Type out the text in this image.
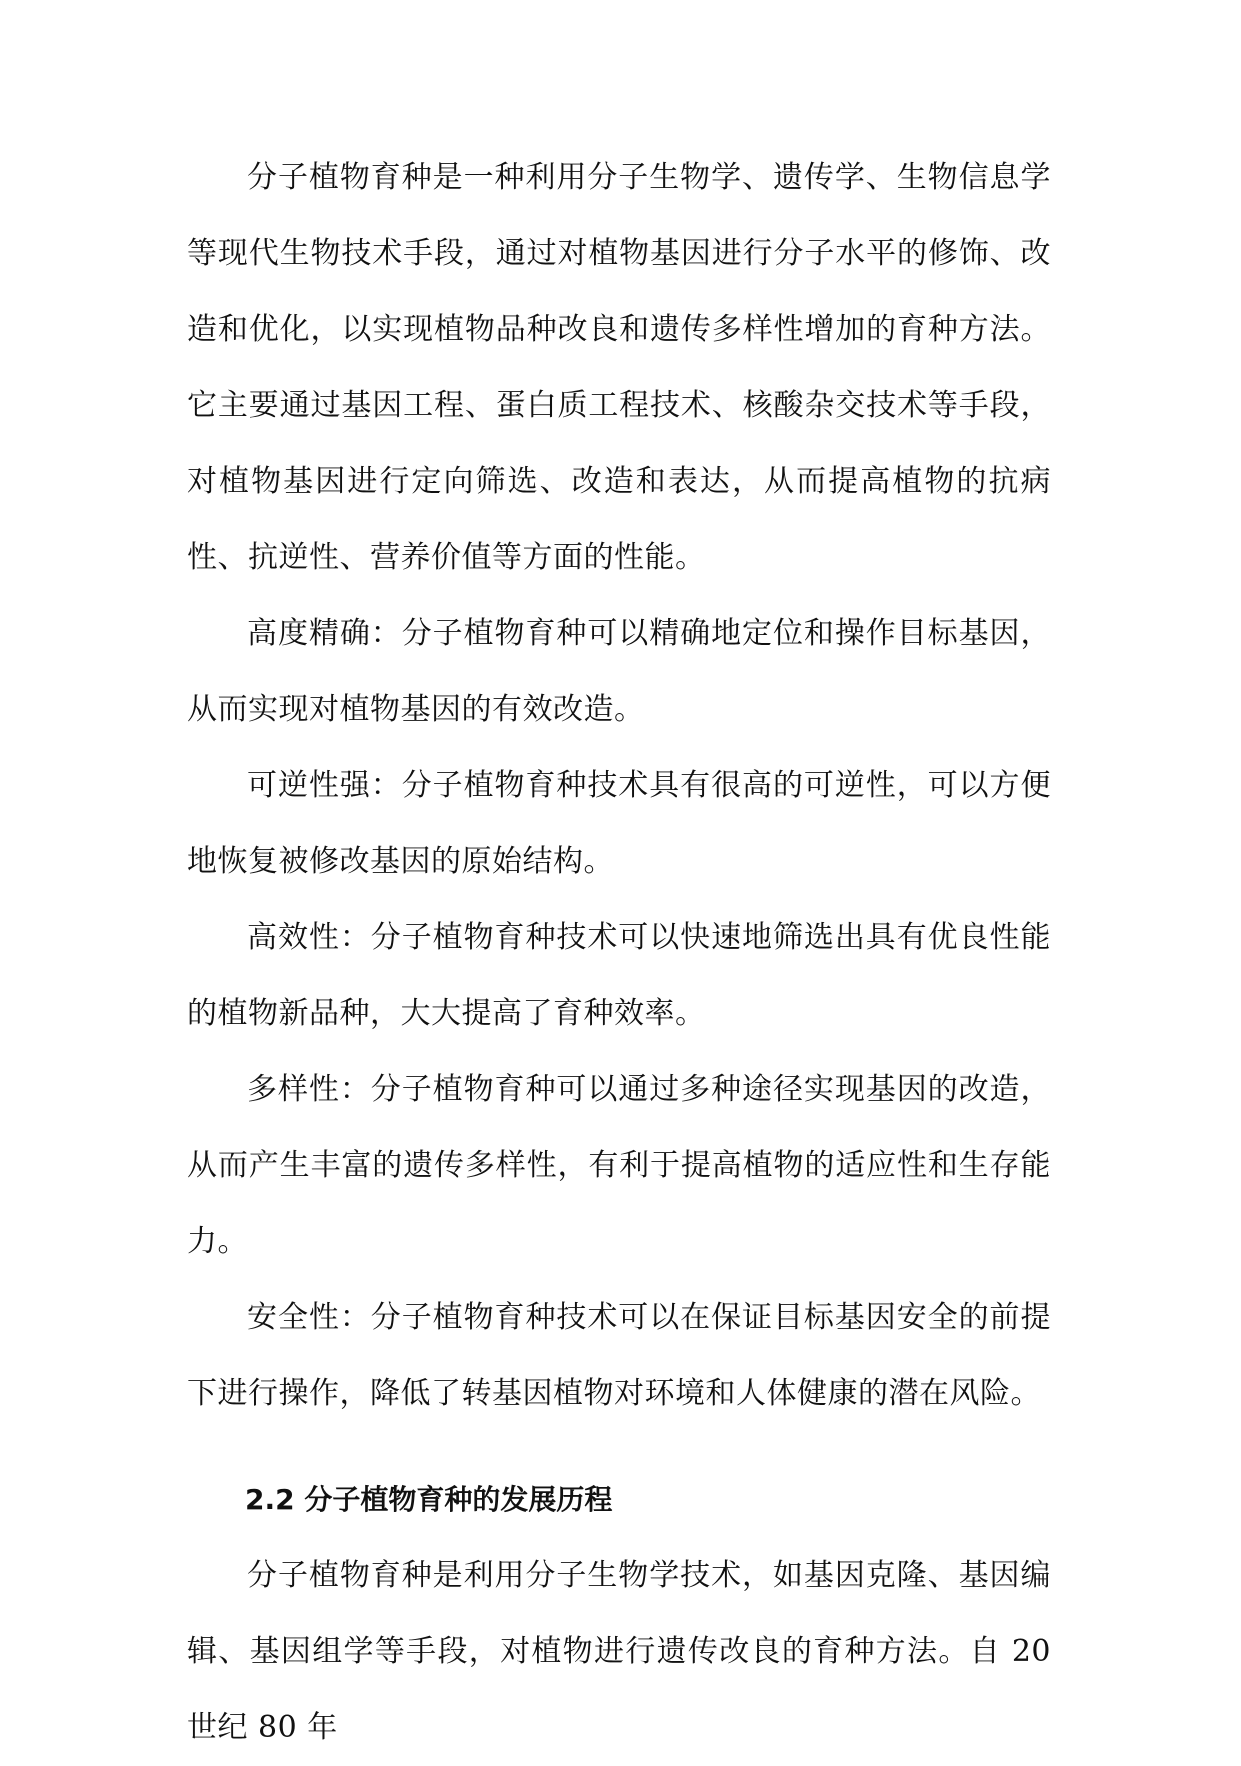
分子植物育种是一种利用分子生物学、遗传学、生物信息学等现代生物技术手段，通过对植物基因进行分子水平的修饰、改造和优化，以实现植物品种改良和遗传多样性增加的育种方法。它主要通过基因工程、蛋白质工程技术、核酸杂交技术等手段，对植物基因进行定向筛选、改造和表达，从而提高植物的抗病性、抗逆性、营养价值等方面的性能。

高度精确：分子植物育种可以精确地定位和操作目标基因，从而实现对植物基因的有效改造。

可逆性强：分子植物育种技术具有很高的可逆性，可以方便地恢复被修改基因的原始结构。

高效性：分子植物育种技术可以快速地筛选出具有优良性能的植物新品种，大大提高了育种效率。

多样性：分子植物育种可以通过多种途径实现基因的改造，从而产生丰富的遗传多样性，有利于提高植物的适应性和生存能力。

安全性：分子植物育种技术可以在保证目标基因安全的前提下进行操作，降低了转基因植物对环境和人体健康的潜在风险。

2.2 分子植物育种的发展历程

分子植物育种是利用分子生物学技术，如基因克隆、基因编辑、基因组学等手段，对植物进行遗传改良的育种方法。自 20 世纪 80 年
